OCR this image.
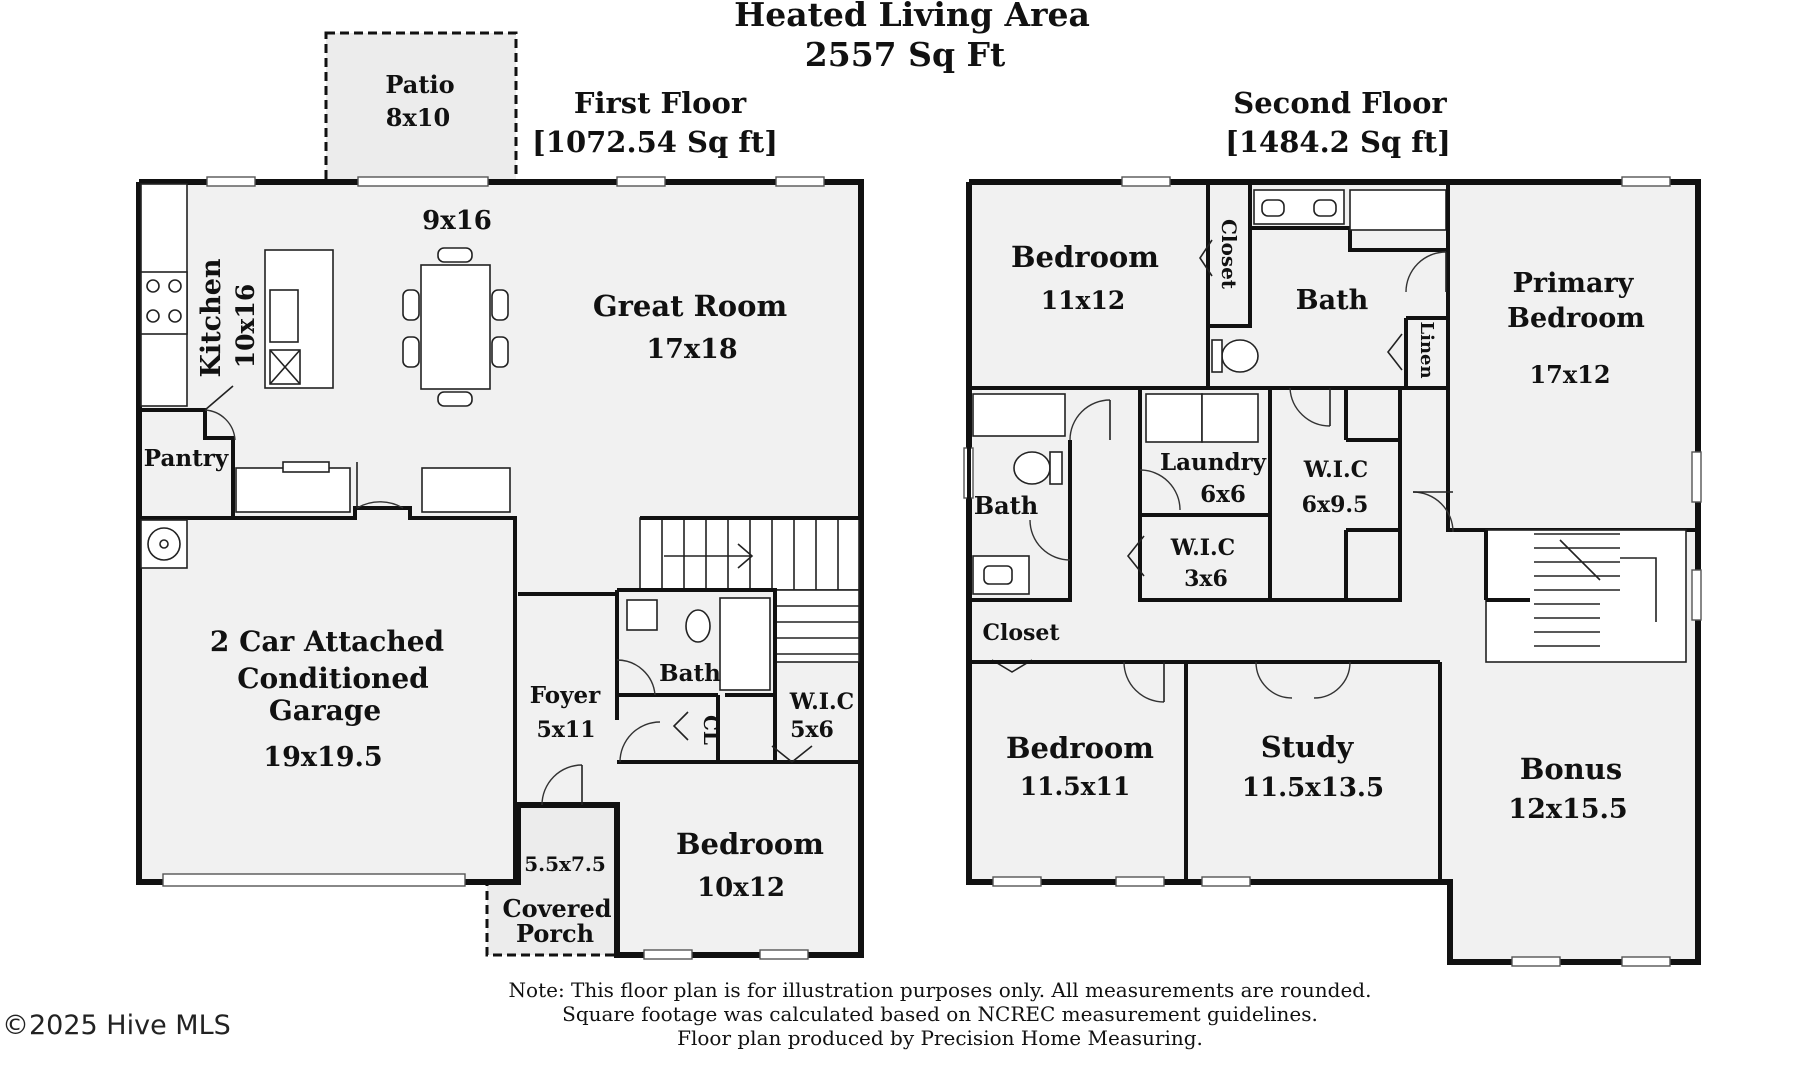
Heated Living Area
2557 Sq Ft
First Floor
[1072.54 Sq ft]
Patio
8x10
9x16
Kitchen 10x16	Great Room
17x18
Pantry
2 Car Attached
Conditioned
Garage
19x19.5
Foyer
5x11
Bath
CL
W.I.C
5x6
Bedroom
10x12
5.5x7.5
Covered
Porch
Second Floor
[1484.2 Sq ft]
Bedroom
11x12
Closet
Bath
Linen
Primary
Bedroom
17x12
Bath
Laundry
6x6
W.I.C
6x9.5
W.I.C
3x6
Closet
Bedroom
11.5x11
Study
11.5x13.5
Bonus
12x15.5
Note: This floor plan is for illustration purposes only. All measurements are rounded.
Square footage was calculated based on NCREC measurement guidelines.
Floor plan produced by Precision Home Measuring.
©2025 Hive MLS
